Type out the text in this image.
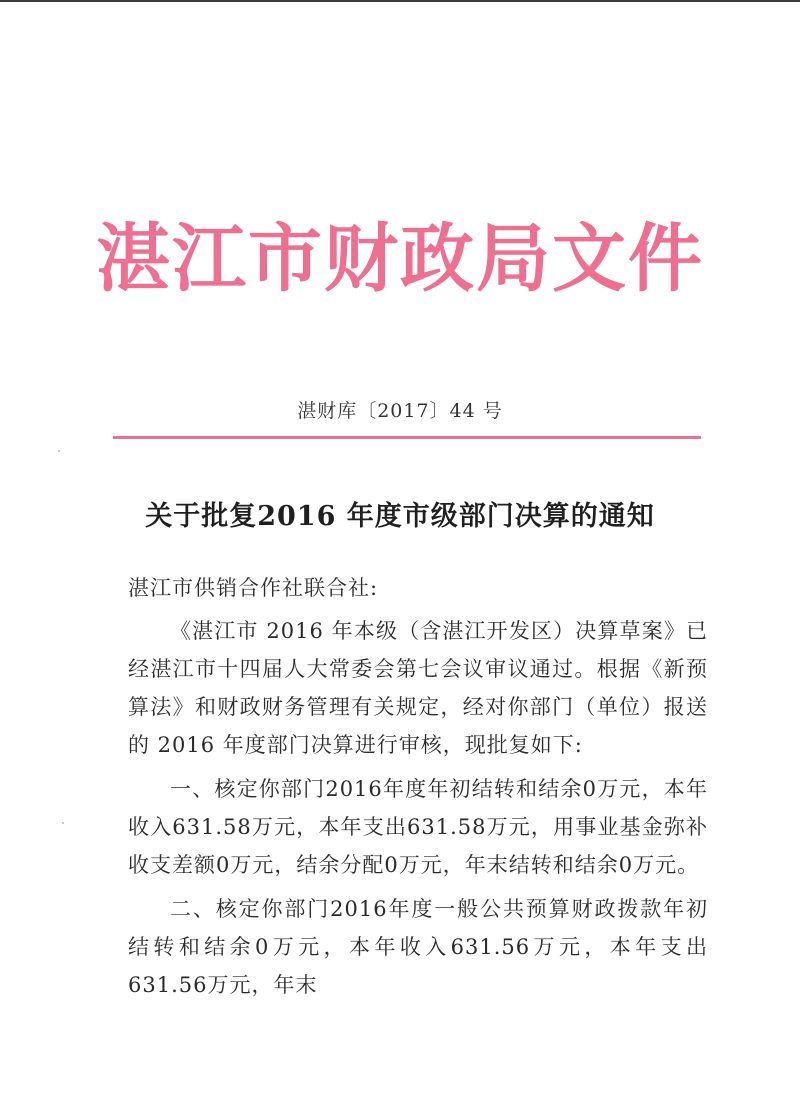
湛江市财政局文件
湛财库〔2017〕44 号
关于批复2016 年度市级部门决算的通知
湛江市供销合作社联合社:

《湛江市 2016 年本级（含湛江开发区）决算草案》已经湛江市十四届人大常委会第七会议审议通过。根据《新预算法》和财政财务管理有关规定，经对你部门（单位）报送的 2016 年度部门决算进行审核，现批复如下:

一、核定你部门2016年度年初结转和结余0万元，本年收入631.58万元，本年支出631.58万元，用事业基金弥补收支差额0万元，结余分配0万元，年末结转和结余0万元。

二、核定你部门2016年度一般公共预算财政拨款年初结转和结余0万元，本年收入631.56万元，本年支出631.56万元，年末
